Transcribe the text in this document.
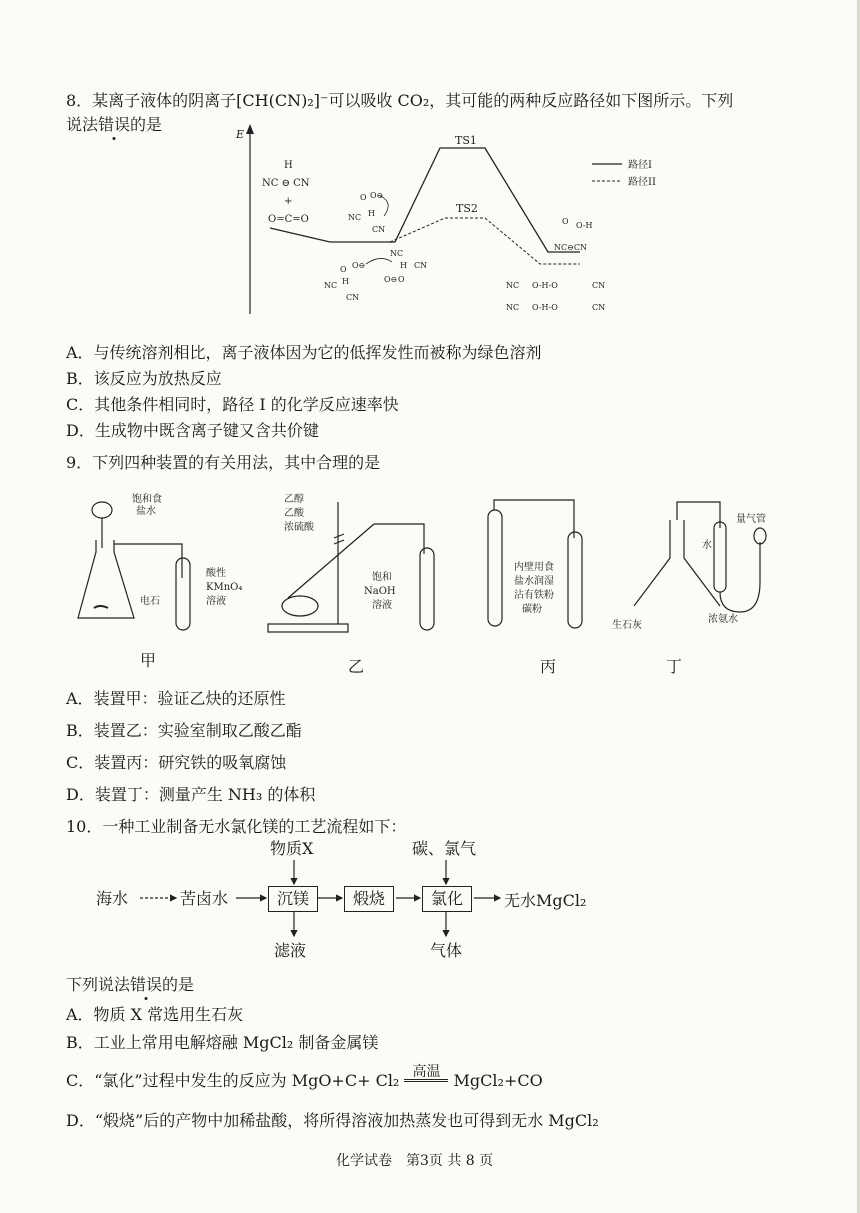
8．某离子液体的阴离子[CH(CN)₂]⁻可以吸收 CO₂，其可能的两种反应路径如下图所示。下列
说法错误的是
E	TS1
TS2
路径I
路径II
H
NC ⊖ CN
+
O=C=O
O O⊖
H
NC
CN
NC
H CN
O O⊖
H
NC
CN
O⊖ O
O O-H
NC⊖CN
NC O-H-O	CN
NC O-H-O	CN
A．与传统溶剂相比，离子液体因为它的低挥发性而被称为绿色溶剂
B．该反应为放热反应
C．其他条件相同时，路径 I 的化学反应速率快
D．生成物中既含离子键又含共价键
9．下列四种装置的有关用法，其中合理的是
饱和食
盐水
电石
酸性
KMnO₄
溶液
乙醇
乙酸
浓硫酸
饱和
NaOH
溶液
内壁用食
盐水润湿
沾有铁粉
碳粉
水
量气管
生石灰
浓氨水
甲	乙	丙	丁
A．装置甲：验证乙炔的还原性
B．装置乙：实验室制取乙酸乙酯
C．装置丙：研究铁的吸氧腐蚀
D．装置丁：测量产生 NH₃ 的体积
10．一种工业制备无水氯化镁的工艺流程如下：
物质X	碳、氯气
海水	苦卤水	沉镁	煅烧	氯化	无水MgCl₂
滤液	气体
下列说法错误的是
A．物质 X 常选用生石灰
B．工业上常用电解熔融 MgCl₂ 制备金属镁
C．“氯化”过程中发生的反应为 MgO+C+ Cl₂ 高温 MgCl₂+CO
D．“煅烧”后的产物中加稀盐酸，将所得溶液加热蒸发也可得到无水 MgCl₂
化学试卷　第3页 共 8 页
